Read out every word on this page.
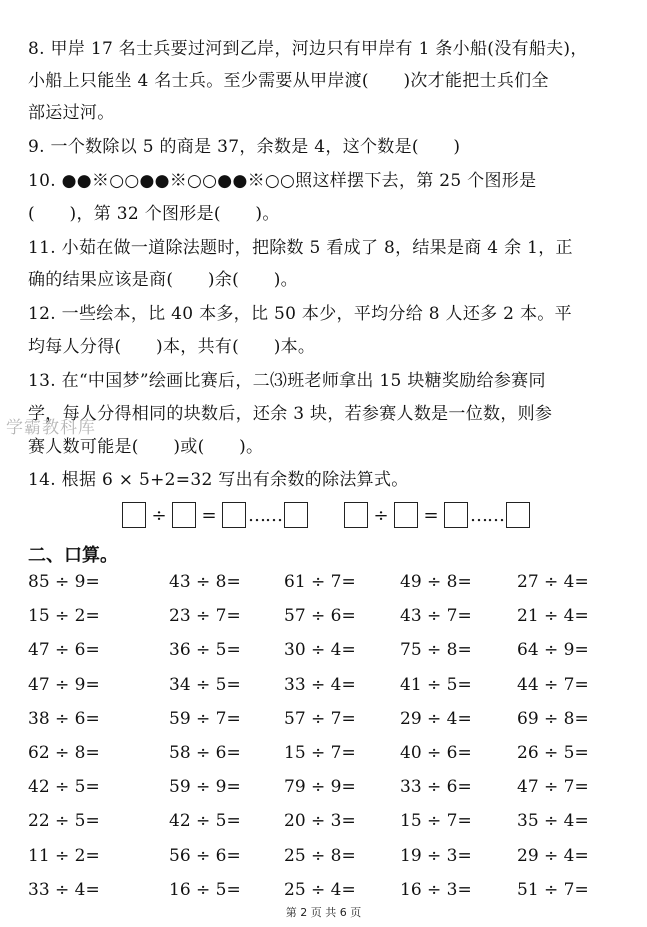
8. 甲岸 17 名士兵要过河到乙岸，河边只有甲岸有 1 条小船(没有船夫)，
小船上只能坐 4 名士兵。至少需要从甲岸渡(　　)次才能把士兵们全
部运过河。
9. 一个数除以 5 的商是 37，余数是 4，这个数是(　　)
10. ●●※○○●●※○○●●※○○照这样摆下去，第 25 个图形是
(　　)，第 32 个图形是(　　)。
11. 小茹在做一道除法题时，把除数 5 看成了 8，结果是商 4 余 1，正
确的结果应该是商(　　)余(　　)。
12. 一些绘本，比 40 本多，比 50 本少，平均分给 8 人还多 2 本。平
均每人分得(　　)本，共有(　　)本。
13. 在“中国梦”绘画比赛后，二⑶班老师拿出 15 块糖奖励给参赛同
学，每人分得相同的块数后，还余 3 块，若参赛人数是一位数，则参
赛人数可能是(　　)或(　　)。
14. 根据 6 × 5+2=32 写出有余数的除法算式。
学霸教科库
÷	=	……	÷	=	……
二、口算。
85 ÷ 9=	43 ÷ 8=	61 ÷ 7=	49 ÷ 8=	27 ÷ 4=
15 ÷ 2=	23 ÷ 7=	57 ÷ 6=	43 ÷ 7=	21 ÷ 4=
47 ÷ 6=	36 ÷ 5=	30 ÷ 4=	75 ÷ 8=	64 ÷ 9=
47 ÷ 9=	34 ÷ 5=	33 ÷ 4=	41 ÷ 5=	44 ÷ 7=
38 ÷ 6=	59 ÷ 7=	57 ÷ 7=	29 ÷ 4=	69 ÷ 8=
62 ÷ 8=	58 ÷ 6=	15 ÷ 7=	40 ÷ 6=	26 ÷ 5=
42 ÷ 5=	59 ÷ 9=	79 ÷ 9=	33 ÷ 6=	47 ÷ 7=
22 ÷ 5=	42 ÷ 5=	20 ÷ 3=	15 ÷ 7=	35 ÷ 4=
11 ÷ 2=	56 ÷ 6=	25 ÷ 8=	19 ÷ 3=	29 ÷ 4=
33 ÷ 4=	16 ÷ 5=	25 ÷ 4=	16 ÷ 3=	51 ÷ 7=
第 2 页 共 6 页
